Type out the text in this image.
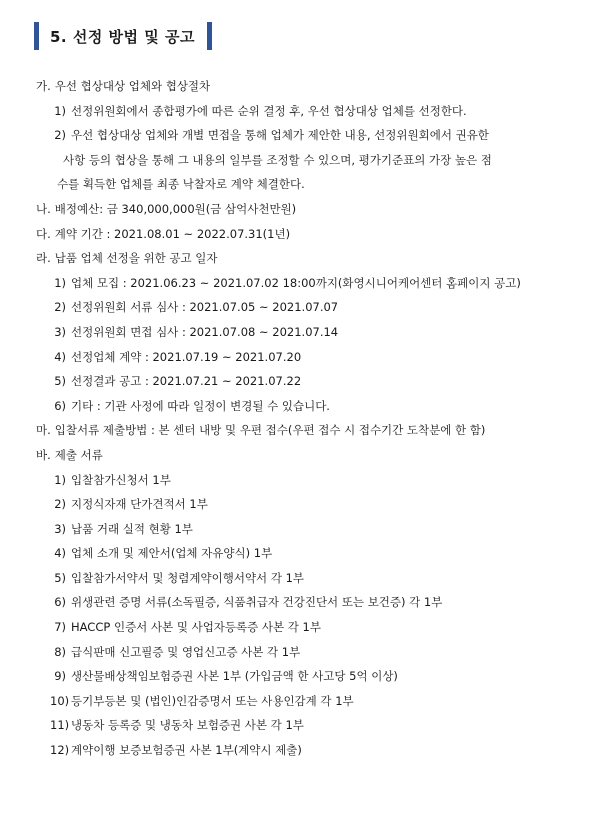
5. 선정 방법 및 공고
가. 우선 협상대상 업체와 협상절차
1) 선정위원회에서 종합평가에 따른 순위 결정 후, 우선 협상대상 업체를 선정한다.
2) 우선 협상대상 업체와 개별 면접을 통해 업체가 제안한 내용, 선정위원회에서 권유한
사항 등의 협상을 통해 그 내용의 일부를 조정할 수 있으며, 평가기준표의 가장 높은 점
수를 획득한 업체를 최종 낙찰자로 계약 체결한다.
나. 배정예산: 금 340,000,000원(금 삼억사천만원)
다. 계약 기간 : 2021.08.01 ~ 2022.07.31(1년)
라. 납품 업체 선정을 위한 공고 일자
1) 업체 모집 : 2021.06.23 ~ 2021.07.02 18:00까지(화영시니어케어센터 홈페이지 공고)
2) 선정위원회 서류 심사 : 2021.07.05 ~ 2021.07.07
3) 선정위원회 면접 심사 : 2021.07.08 ~ 2021.07.14
4) 선정업체 계약 : 2021.07.19 ~ 2021.07.20
5) 선정결과 공고 : 2021.07.21 ~ 2021.07.22
6) 기타 : 기관 사정에 따라 일정이 변경될 수 있습니다.
마. 입찰서류 제출방법 : 본 센터 내방 및 우편 접수(우편 접수 시 접수기간 도착분에 한 함)
바. 제출 서류
1) 입찰참가신청서 1부
2) 지정식자재 단가견적서 1부
3) 납품 거래 실적 현황 1부
4) 업체 소개 및 제안서(업체 자유양식) 1부
5) 입찰참가서약서 및 청렴계약이행서약서 각 1부
6) 위생관련 증명 서류(소독필증, 식품취급자 건강진단서 또는 보건증) 각 1부
7) HACCP 인증서 사본 및 사업자등록증 사본 각 1부
8) 급식판매 신고필증 및 영업신고증 사본 각 1부
9) 생산물배상책임보험증권 사본 1부 (가입금액 한 사고당 5억 이상)
10) 등기부등본 및 (법인)인감증명서 또는 사용인감계 각 1부
11) 냉동차 등록증 및 냉동차 보험증권 사본 각 1부
12) 계약이행 보증보험증권 사본 1부(계약시 제출)
